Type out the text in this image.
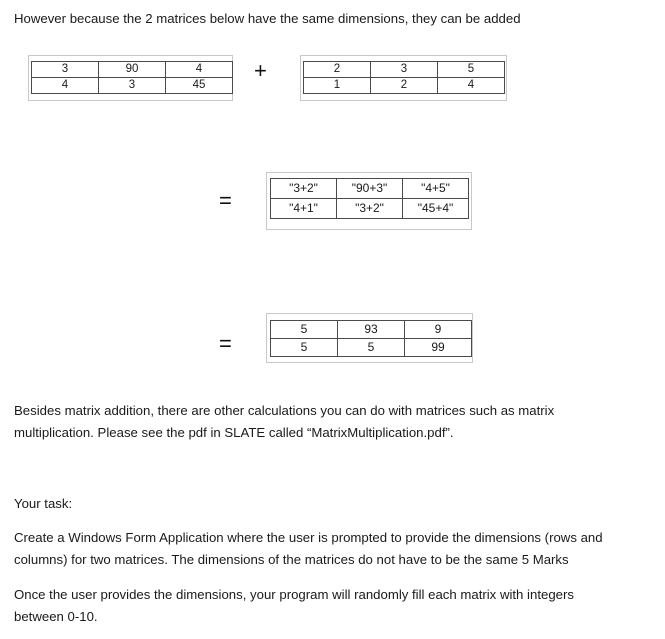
However because the 2 matrices below have the same dimensions, they can be added
3	90	4
4	3	45
+	2	3	5
1	2	4
=	"3+2"	"90+3"	"4+5"
"4+1"	"3+2"	"45+4"
=
5	93	9
5	5	99
Besides matrix addition, there are other calculations you can do with matrices such as matrix
multiplication. Please see the pdf in SLATE called “MatrixMultiplication.pdf”.
Your task:
Create a Windows Form Application where the user is prompted to provide the dimensions (rows and
columns) for two matrices. The dimensions of the matrices do not have to be the same 5 Marks
Once the user provides the dimensions, your program will randomly fill each matrix with integers
between 0-10.
